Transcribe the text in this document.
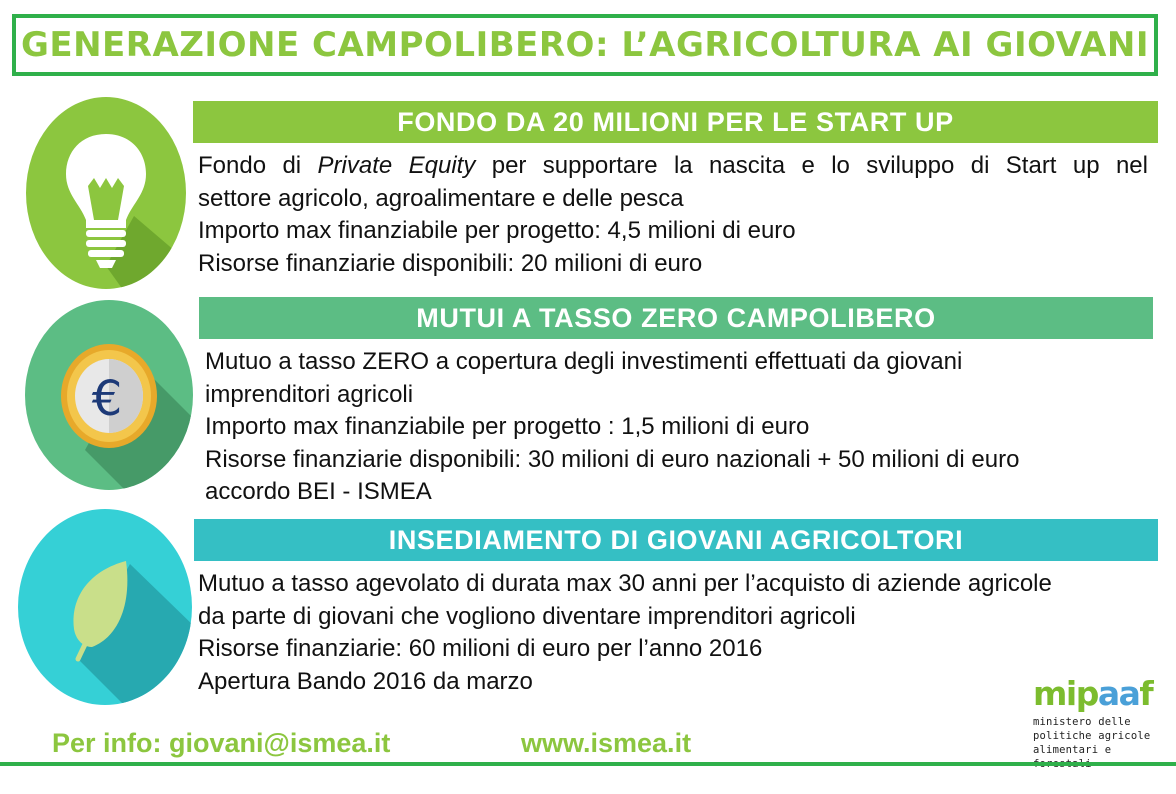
GENERAZIONE CAMPOLIBERO: L’AGRICOLTURA AI GIOVANI
€
FONDO DA 20 MILIONI PER LE START UP

Fondo di Private Equity per supportare la nascita e lo sviluppo di Start up nel

settore agricolo, agroalimentare e delle pesca

Importo max finanziabile per progetto: 4,5 milioni di euro

Risorse finanziarie disponibili: 20 milioni di euro

MUTUI A TASSO ZERO CAMPOLIBERO

Mutuo a tasso ZERO a copertura degli investimenti effettuati da giovani

imprenditori agricoli

Importo max finanziabile per progetto : 1,5 milioni di euro

Risorse finanziarie disponibili: 30 milioni di euro nazionali + 50 milioni di euro

accordo BEI - ISMEA

INSEDIAMENTO DI GIOVANI AGRICOLTORI

Mutuo a tasso agevolato di durata max 30 anni per l’acquisto di aziende agricole

da parte di giovani che vogliono diventare imprenditori agricoli

Risorse finanziarie: 60 milioni di euro per l’anno 2016

Apertura Bando 2016 da marzo

Per info: giovani@ismea.it	www.ismea.it
mipaaf
ministero delle
politiche agricole
alimentari e
